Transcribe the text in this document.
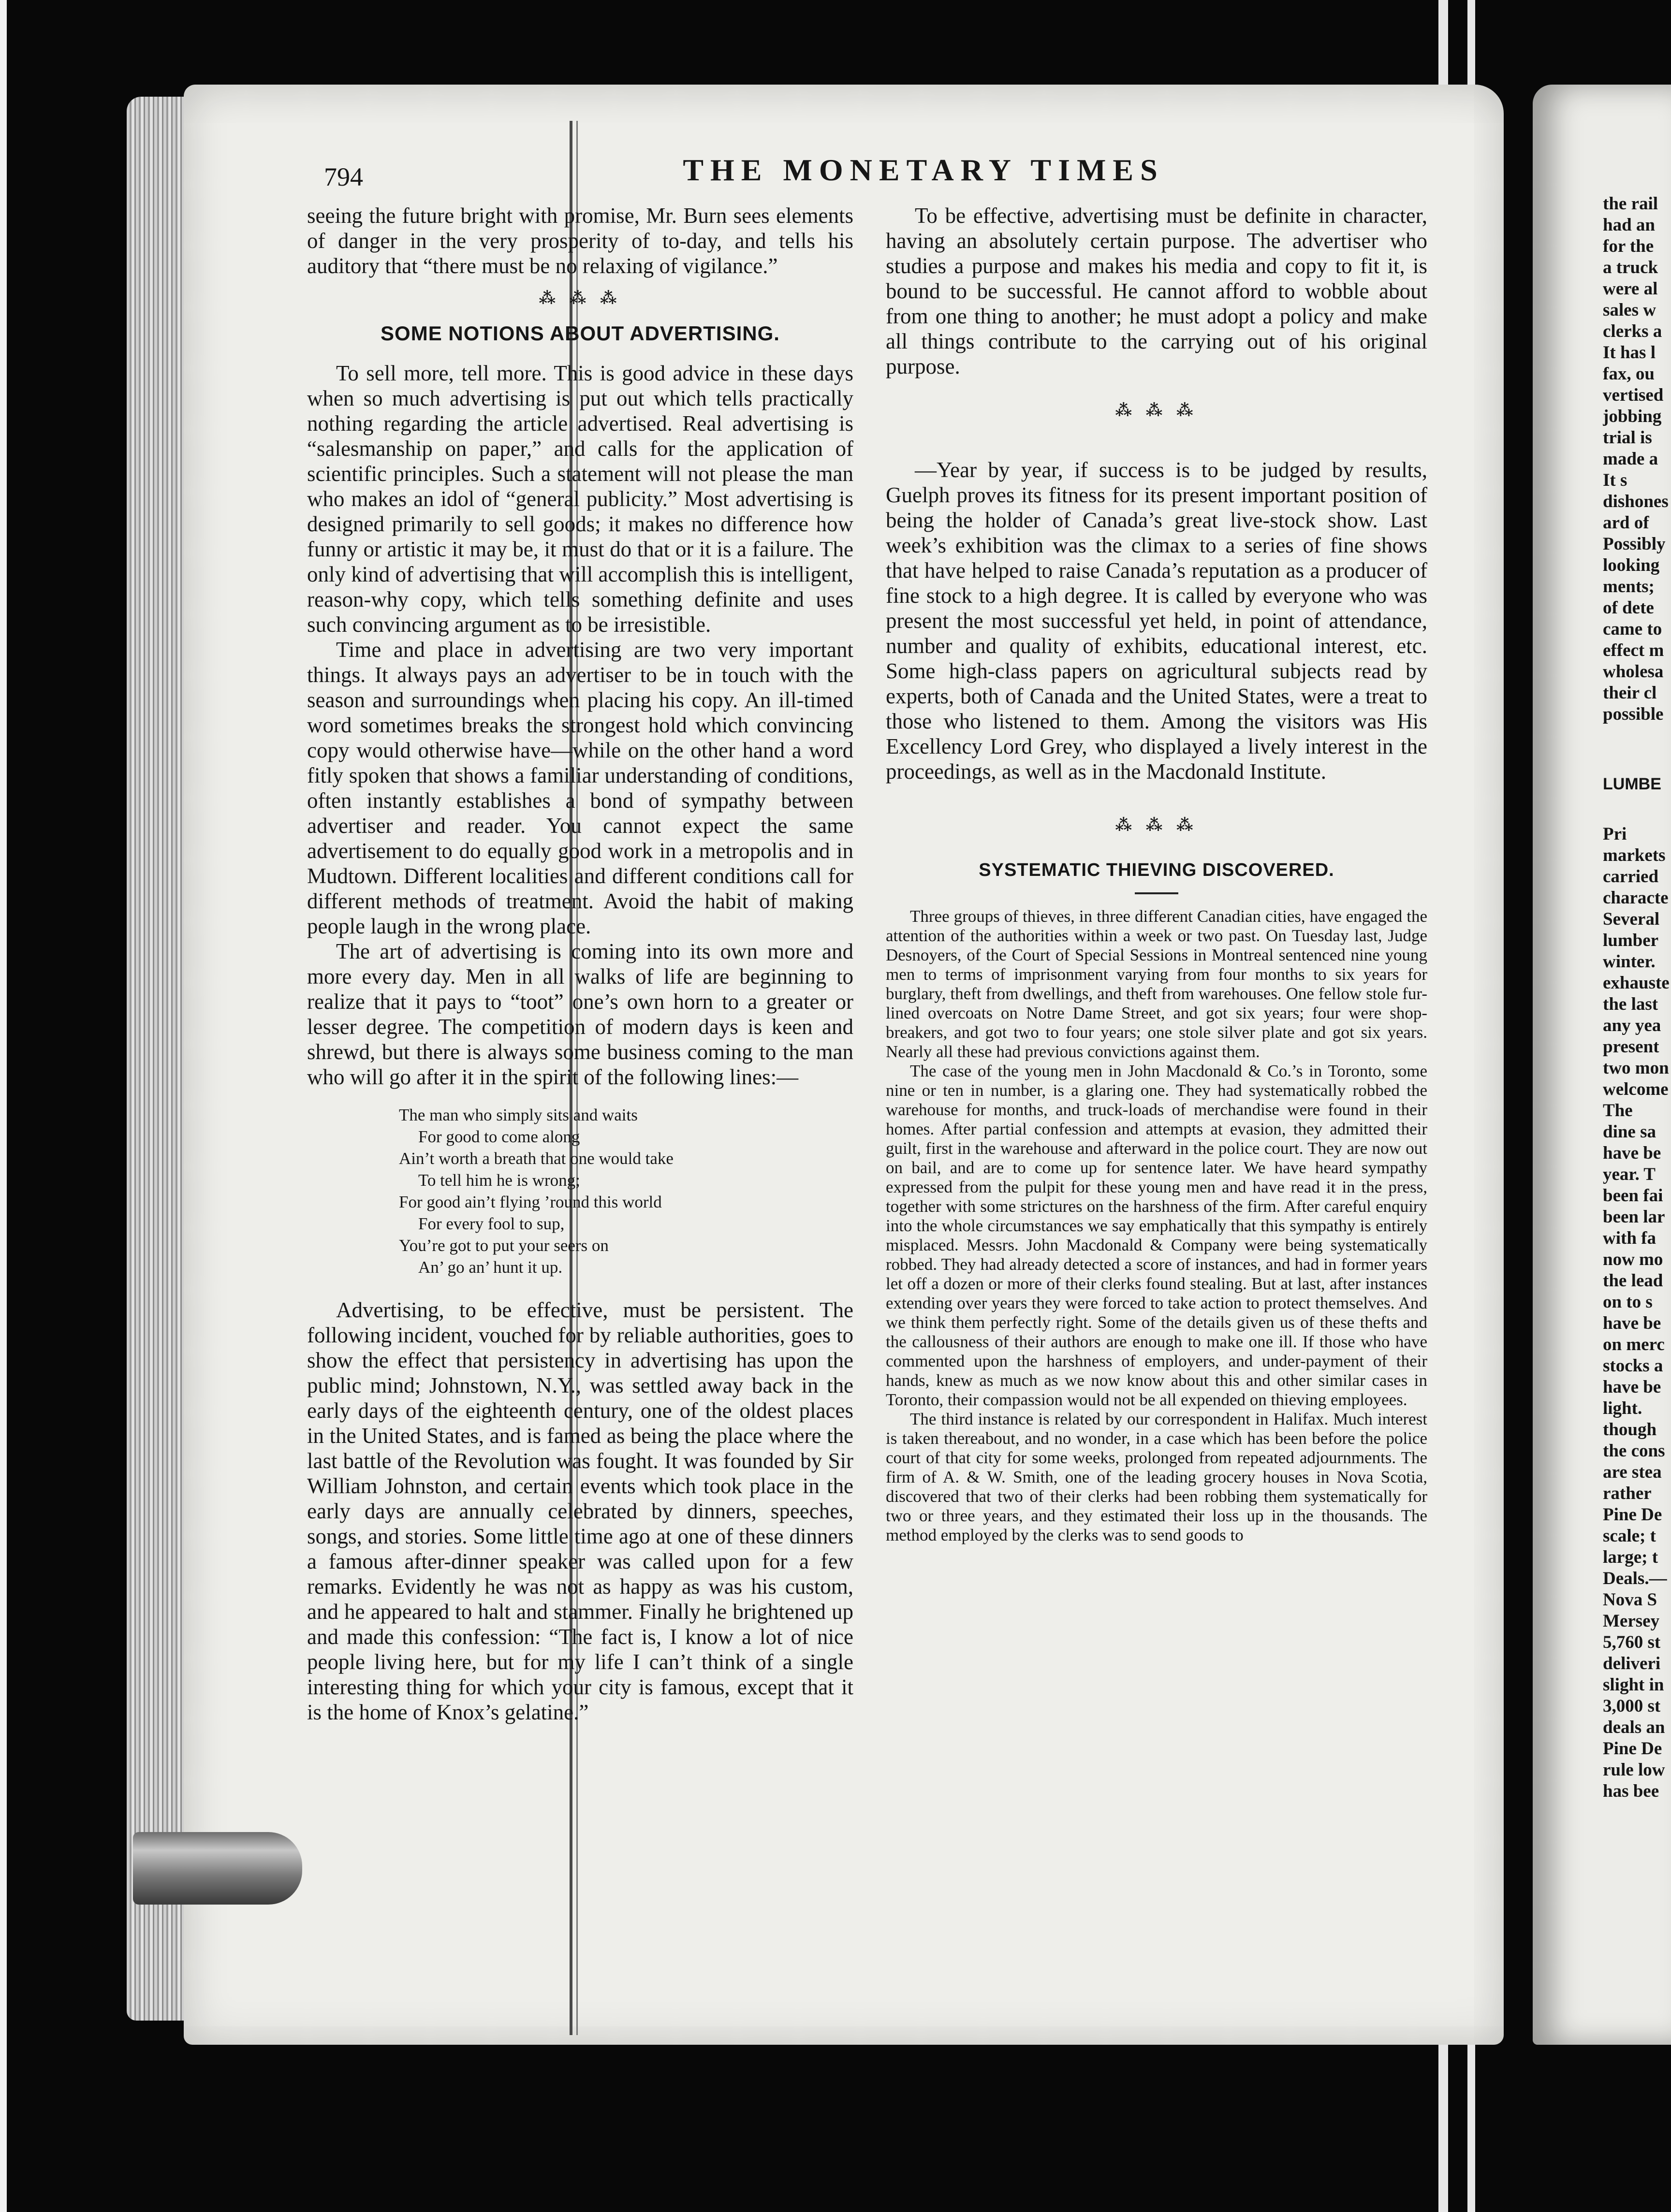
794	THE MONETARY TIMES

seeing the future bright with promise, Mr. Burn sees elements of danger in the very prosperity of to-day, and tells his auditory that “there must be no relaxing of vigilance.”

⁂ ⁂ ⁂
SOME NOTIONS ABOUT ADVERTISING.

To sell more, tell more. This is good advice in these days when so much advertising is put out which tells practically nothing regarding the article advertised. Real advertising is “salesmanship on paper,” and calls for the application of scientific principles. Such a statement will not please the man who makes an idol of “general publicity.” Most advertising is designed primarily to sell goods; it makes no difference how funny or artistic it may be, it must do that or it is a failure. The only kind of advertising that will accomplish this is intelligent, reason-why copy, which tells something definite and uses such convincing argument as to be irresistible.

Time and place in advertising are two very important things. It always pays an advertiser to be in touch with the season and surroundings when placing his copy. An ill-timed word sometimes breaks the strongest hold which convincing copy would otherwise have—while on the other hand a word fitly spoken that shows a familiar understanding of conditions, often instantly establishes a bond of sympathy between advertiser and reader. You cannot expect the same advertisement to do equally good work in a metropolis and in Mudtown. Different localities and different conditions call for different methods of treatment. Avoid the habit of making people laugh in the wrong place.

The art of advertising is coming into its own more and more every day. Men in all walks of life are beginning to realize that it pays to “toot” one’s own horn to a greater or lesser degree. The competition of modern days is keen and shrewd, but there is always some business coming to the man who will go after it in the spirit of the following lines:—

The man who simply sits and waits
For good to come along
Ain’t worth a breath that one would take
To tell him he is wrong;
For good ain’t flying ’round this world
For every fool to sup,
You’re got to put your seers on
An’ go an’ hunt it up.

Advertising, to be effective, must be persistent. The following incident, vouched for by reliable authorities, goes to show the effect that persistency in advertising has upon the public mind; Johnstown, N.Y., was settled away back in the early days of the eighteenth century, one of the oldest places in the United States, and is famed as being the place where the last battle of the Revolution was fought. It was founded by Sir William Johnston, and certain events which took place in the early days are annually celebrated by dinners, speeches, songs, and stories. Some little time ago at one of these dinners a famous after-dinner speaker was called upon for a few remarks. Evidently he was not as happy as was his custom, and he appeared to halt and stammer. Finally he brightened up and made this confession: “The fact is, I know a lot of nice people living here, but for my life I can’t think of a single interesting thing for which your city is famous, except that it is the home of Knox’s gelatine.”

To be effective, advertising must be definite in character, having an absolutely certain purpose. The advertiser who studies a purpose and makes his media and copy to fit it, is bound to be successful. He cannot afford to wobble about from one thing to another; he must adopt a policy and make all things contribute to the carrying out of his original purpose.

⁂ ⁂ ⁂

—Year by year, if success is to be judged by results, Guelph proves its fitness for its present important position of being the holder of Canada’s great live-stock show. Last week’s exhibition was the climax to a series of fine shows that have helped to raise Canada’s reputation as a producer of fine stock to a high degree. It is called by everyone who was present the most successful yet held, in point of attendance, number and quality of exhibits, educational interest, etc. Some high-class papers on agricultural subjects read by experts, both of Canada and the United States, were a treat to those who listened to them. Among the visitors was His Excellency Lord Grey, who displayed a lively interest in the proceedings, as well as in the Macdonald Institute.

⁂ ⁂ ⁂
SYSTEMATIC THIEVING DISCOVERED.

Three groups of thieves, in three different Canadian cities, have engaged the attention of the authorities within a week or two past. On Tuesday last, Judge Desnoyers, of the Court of Special Sessions in Montreal sentenced nine young men to terms of imprisonment varying from four months to six years for burglary, theft from dwellings, and theft from warehouses. One fellow stole fur-lined overcoats on Notre Dame Street, and got six years; four were shop-breakers, and got two to four years; one stole silver plate and got six years. Nearly all these had previous convictions against them.

The case of the young men in John Macdonald & Co.’s in Toronto, some nine or ten in number, is a glaring one. They had systematically robbed the warehouse for months, and truck-loads of merchandise were found in their homes. After partial confession and attempts at evasion, they admitted their guilt, first in the warehouse and afterward in the police court. They are now out on bail, and are to come up for sentence later. We have heard sympathy expressed from the pulpit for these young men and have read it in the press, together with some strictures on the harshness of the firm. After careful enquiry into the whole circumstances we say emphatically that this sympathy is entirely misplaced. Messrs. John Macdonald & Company were being systematically robbed. They had already detected a score of instances, and had in former years let off a dozen or more of their clerks found stealing. But at last, after instances extending over years they were forced to take action to protect themselves. And we think them perfectly right. Some of the details given us of these thefts and the callousness of their authors are enough to make one ill. If those who have commented upon the harshness of employers, and under-payment of their hands, knew as much as we now know about this and other similar cases in Toronto, their compassion would not be all expended on thieving employees.

The third instance is related by our correspondent in Halifax. Much interest is taken thereabout, and no wonder, in a case which has been before the police court of that city for some weeks, prolonged from repeated adjournments. The firm of A. & W. Smith, one of the leading grocery houses in Nova Scotia, discovered that two of their clerks had been robbing them systematically for two or three years, and they estimated their loss up in the thousands. The method employed by the clerks was to send goods to

the rail
had an
for the
a truck
were al
sales w
clerks a
It has l
fax, ou
vertised
jobbing
trial is
made a
It s
dishones
ard of
Possibly
looking
ments;
of dete
came to
effect m
wholesa
their cl
possible
LUMBE
Pri
markets
carried
characte
Several
lumber
winter.
exhauste
the last
any yea
present
two mon
welcome
The
dine sa
have be
year. T
been fai
been lar
with fa
now mo
the lead
on to s
have be
on merc
stocks a
have be
light.
though
the cons
are stea
rather
Pine De
scale; t
large; t
Deals.—
Nova S
Mersey
5,760 st
deliveri
slight in
3,000 st
deals an
Pine De
rule low
has bee
